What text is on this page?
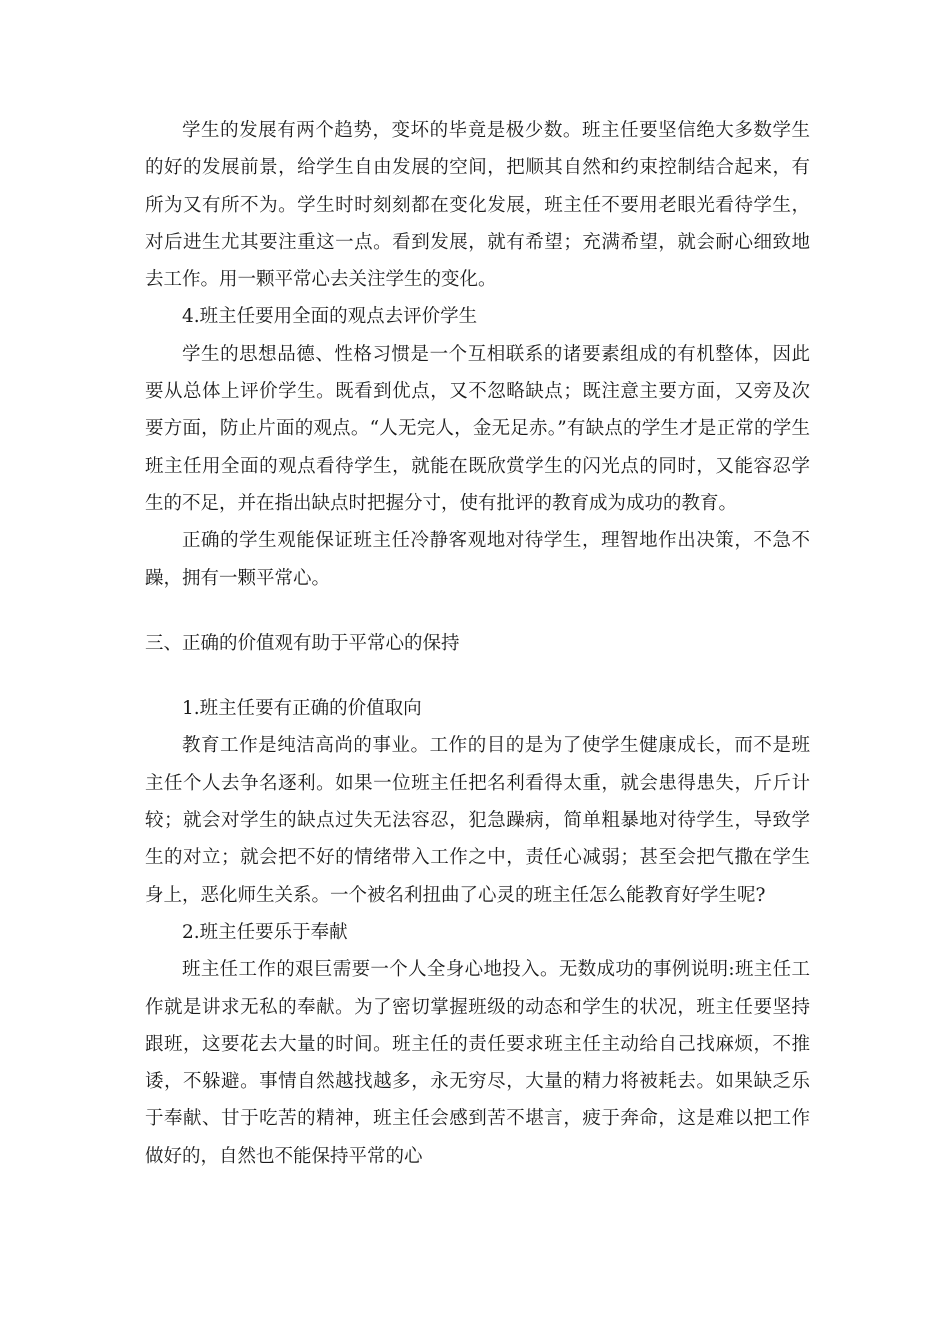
学生的发展有两个趋势，变坏的毕竟是极少数。班主任要坚信绝大多数学生的好的发展前景，给学生自由发展的空间，把顺其自然和约束控制结合起来，有所为又有所不为。学生时时刻刻都在变化发展，班主任不要用老眼光看待学生，对后进生尤其要注重这一点。看到发展，就有希望；充满希望，就会耐心细致地去工作。用一颗平常心去关注学生的变化。

4.班主任要用全面的观点去评价学生

学生的思想品德、性格习惯是一个互相联系的诸要素组成的有机整体，因此要从总体上评价学生。既看到优点，又不忽略缺点；既注意主要方面，又旁及次要方面，防止片面的观点。“人无完人，金无足赤。”有缺点的学生才是正常的学生班主任用全面的观点看待学生，就能在既欣赏学生的闪光点的同时，又能容忍学生的不足，并在指出缺点时把握分寸，使有批评的教育成为成功的教育。

正确的学生观能保证班主任冷静客观地对待学生，理智地作出决策，不急不躁，拥有一颗平常心。

三、正确的价值观有助于平常心的保持

1.班主任要有正确的价值取向

教育工作是纯洁高尚的事业。工作的目的是为了使学生健康成长，而不是班主任个人去争名逐利。如果一位班主任把名利看得太重，就会患得患失，斤斤计较；就会对学生的缺点过失无法容忍，犯急躁病，简单粗暴地对待学生，导致学生的对立；就会把不好的情绪带入工作之中，责任心减弱；甚至会把气撒在学生身上，恶化师生关系。一个被名利扭曲了心灵的班主任怎么能教育好学生呢?

2.班主任要乐于奉献

班主任工作的艰巨需要一个人全身心地投入。无数成功的事例说明:班主任工作就是讲求无私的奉献。为了密切掌握班级的动态和学生的状况，班主任要坚持跟班，这要花去大量的时间。班主任的责任要求班主任主动给自己找麻烦，不推诿，不躲避。事情自然越找越多，永无穷尽，大量的精力将被耗去。如果缺乏乐于奉献、甘于吃苦的精神，班主任会感到苦不堪言，疲于奔命，这是难以把工作做好的，自然也不能保持平常的心
